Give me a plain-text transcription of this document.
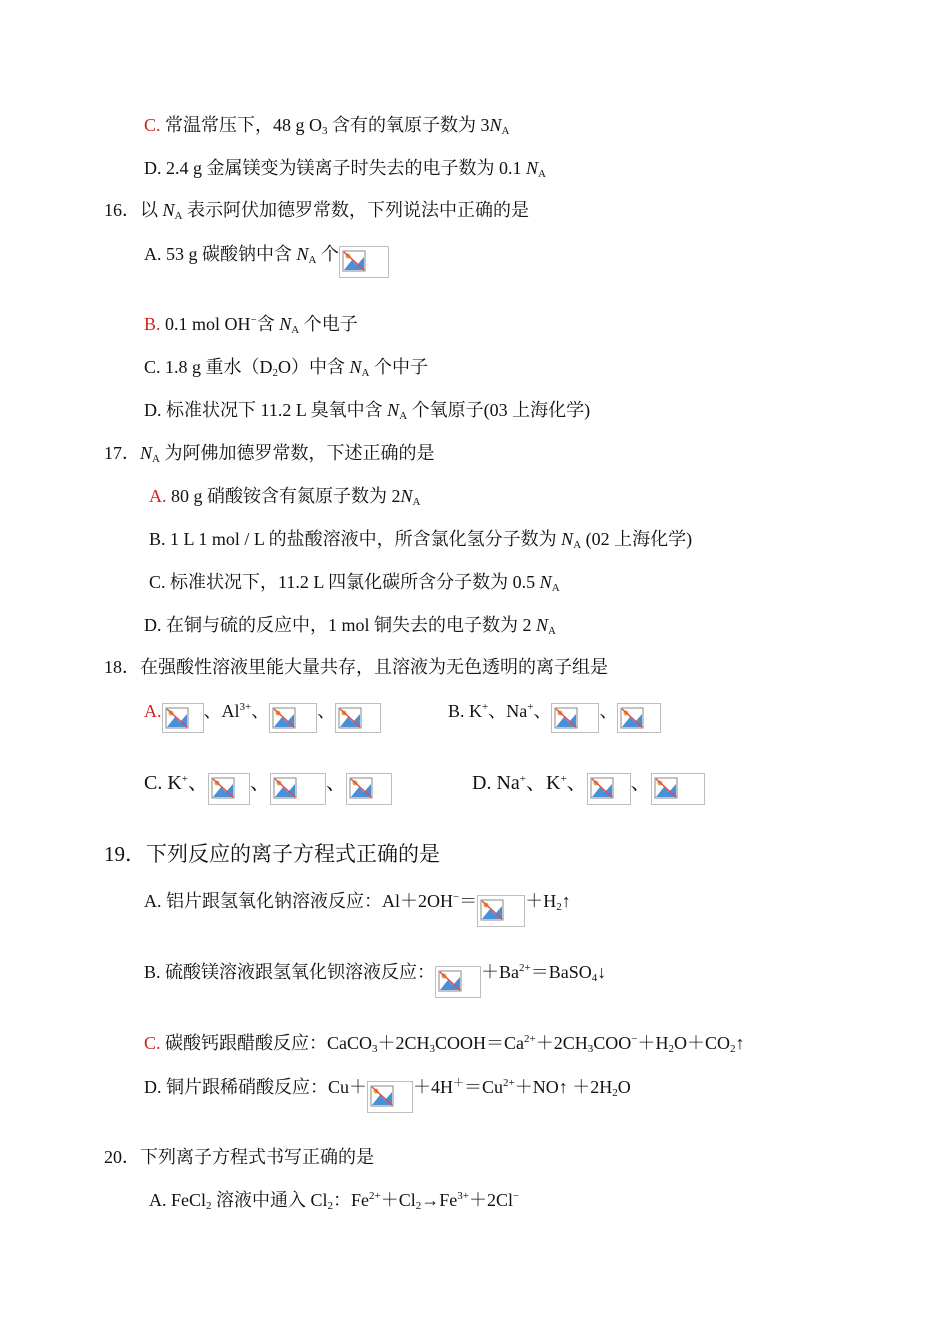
C. 常温常压下，48 g $O_3$ 含有的氧原子数为 $3N_A$
D. 2.4 g 金属镁变为镁离子时失去的电子数为 0.1 $N_A$
16．以 $N_A$ 表示阿伏加德罗常数，下列说法中正确的是
A. 53 g 碳酸钠中含 $N_A$ 个
B. 0.1 mol OH−含 $N_A$ 个电子
C. 1.8 g 重水$(D_2O)$中含 $N_A$ 个中子
D. 标准状况下 11.2 L 臭氧中含 $N_A$ 个氧原子(03 上海化学)
17．$N_A$ 为阿佛加德罗常数，下述正确的是
A. 80 g 硝酸铵含有氮原子数为 $2N_A$
B. 1 L 1 mol / L 的盐酸溶液中，所含氯化氢分子数为 $N_A$ (02 上海化学)
C. 标准状况下，11.2 L 四氯化碳所含分子数为 0.5 $N_A$
D. 在铜与硫的反应中，1 mol 铜失去的电子数为 2 $N_A$
18．在强酸性溶液里能大量共存，且溶液为无色透明的离子组是
A. 、$Al^{3+}$、	、	B. K+、Na+、	、
C. K+、 、	、	D. Na+、K+、 、
19．下列反应的离子方程式正确的是
A. 铝片跟氢氧化钠溶液反应：Al＋2OH−＝	$+H_2↑$
B. 硫酸镁溶液跟氢氧化钡溶液反应：	$+Ba^{2+}=BaSO_4↓$
C. 碳酸钙跟醋酸反应：$CaCO_3+2CH_3COOH=Ca^{2+}+2CH_3COO^-+H_2O+CO_2↑$
D. 铜片跟稀硝酸反应：Cu＋	$+4H^+=Cu^{2+}+NO↑ +2H_2O$
20．下列离子方程式书写正确的是
A. FeCl$_2$ 溶液中通入 $Cl_2$：$Fe^{2+}+Cl_2\to Fe^{3+}+2Cl^-$
